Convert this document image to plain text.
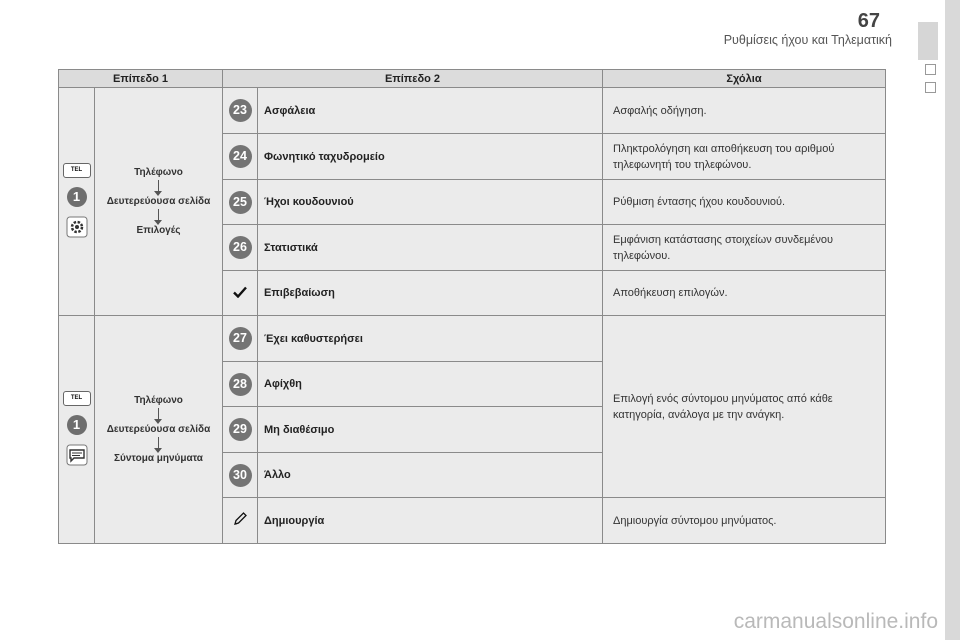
67
Ρυθμίσεις ήχου και Τηλεματική
Επίπεδο 1		Επίπεδο 2		Σχόλια

TEL
1	Τηλέφωνο
Δευτερεύουσα σελίδα
Επιλογές	23	Ασφάλεια	Ασφαλής οδήγηση.
		24	Φωνητικό ταχυδρομείο	Πληκτρολόγηση και αποθήκευση του αριθμού τηλεφωνητή του τηλεφώνου.
		25	Ήχοι κουδουνιού	Ρύθμιση έντασης ήχου κουδουνιού.
		26	Στατιστικά	Εμφάνιση κατάστασης στοιχείων συνδεμένου τηλεφώνου.
	Επιβεβαίωση	Αποθήκευση επιλογών.

TEL
1	Τηλέφωνο
Δευτερεύουσα σελίδα
Σύντομα μηνύματα	27	Έχει καθυστερήσει	Επιλογή ενός σύντομου μηνύματος από κάθε κατηγορία, ανάλογα με την ανάγκη.
		28	Αφίχθη	
		29	Μη διαθέσιμο	
		30	Άλλο	
	Δημιουργία	Δημιουργία σύντομου μηνύματος.
carmanualsonline.info
